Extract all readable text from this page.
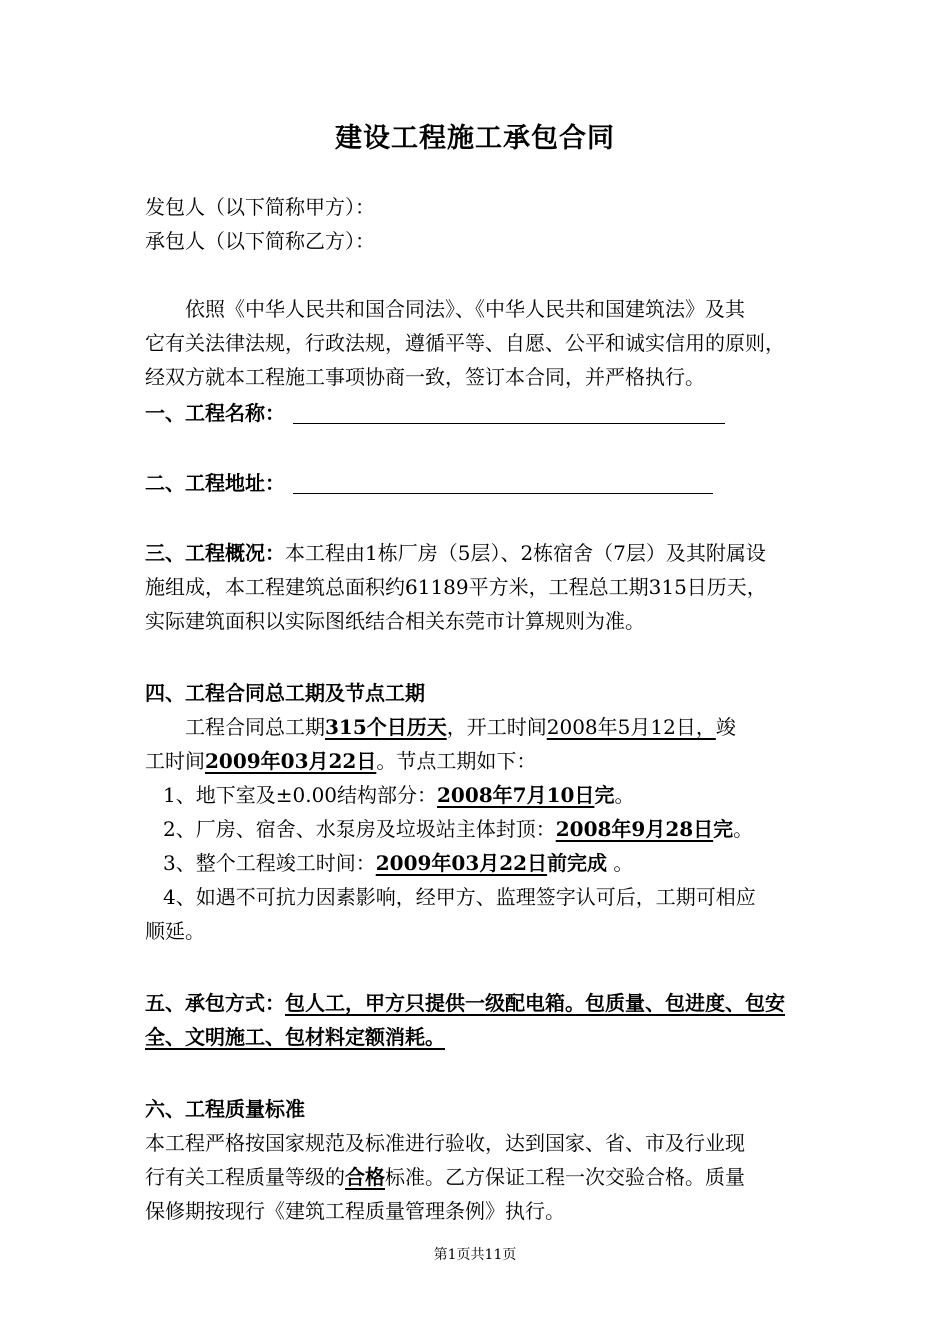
建设工程施工承包合同
发包人（以下简称甲方）：
承包人（以下简称乙方）：
依照《中华人民共和国合同法》、《中华人民共和国建筑法》及其
它有关法律法规，行政法规，遵循平等、自愿、公平和诚实信用的原则，
经双方就本工程施工事项协商一致，签订本合同，并严格执行。
一、工程名称：
二、工程地址：
三、工程概况：本工程由1栋厂房（5层）、2栋宿舍（7层）及其附属设
施组成，本工程建筑总面积约61189平方米，工程总工期315日历天，
实际建筑面积以实际图纸结合相关东莞市计算规则为准。
四、工程合同总工期及节点工期
工程合同总工期315个日历天，开工时间2008年5月12日，竣
工时间2009年03月22日。节点工期如下：
1、地下室及±0.00结构部分：2008年7月10日完。
2、厂房、宿舍、水泵房及垃圾站主体封顶：2008年9月28日完。
3、整个工程竣工时间：2009年03月22日前完成 。
4、如遇不可抗力因素影响，经甲方、监理签字认可后，工期可相应
顺延。
五、承包方式：包人工，甲方只提供一级配电箱。包质量、包进度、包安
全、文明施工、包材料定额消耗。
六、工程质量标准
本工程严格按国家规范及标准进行验收，达到国家、省、市及行业现
行有关工程质量等级的合格标准。乙方保证工程一次交验合格。质量
保修期按现行《建筑工程质量管理条例》执行。
第1页共11页
